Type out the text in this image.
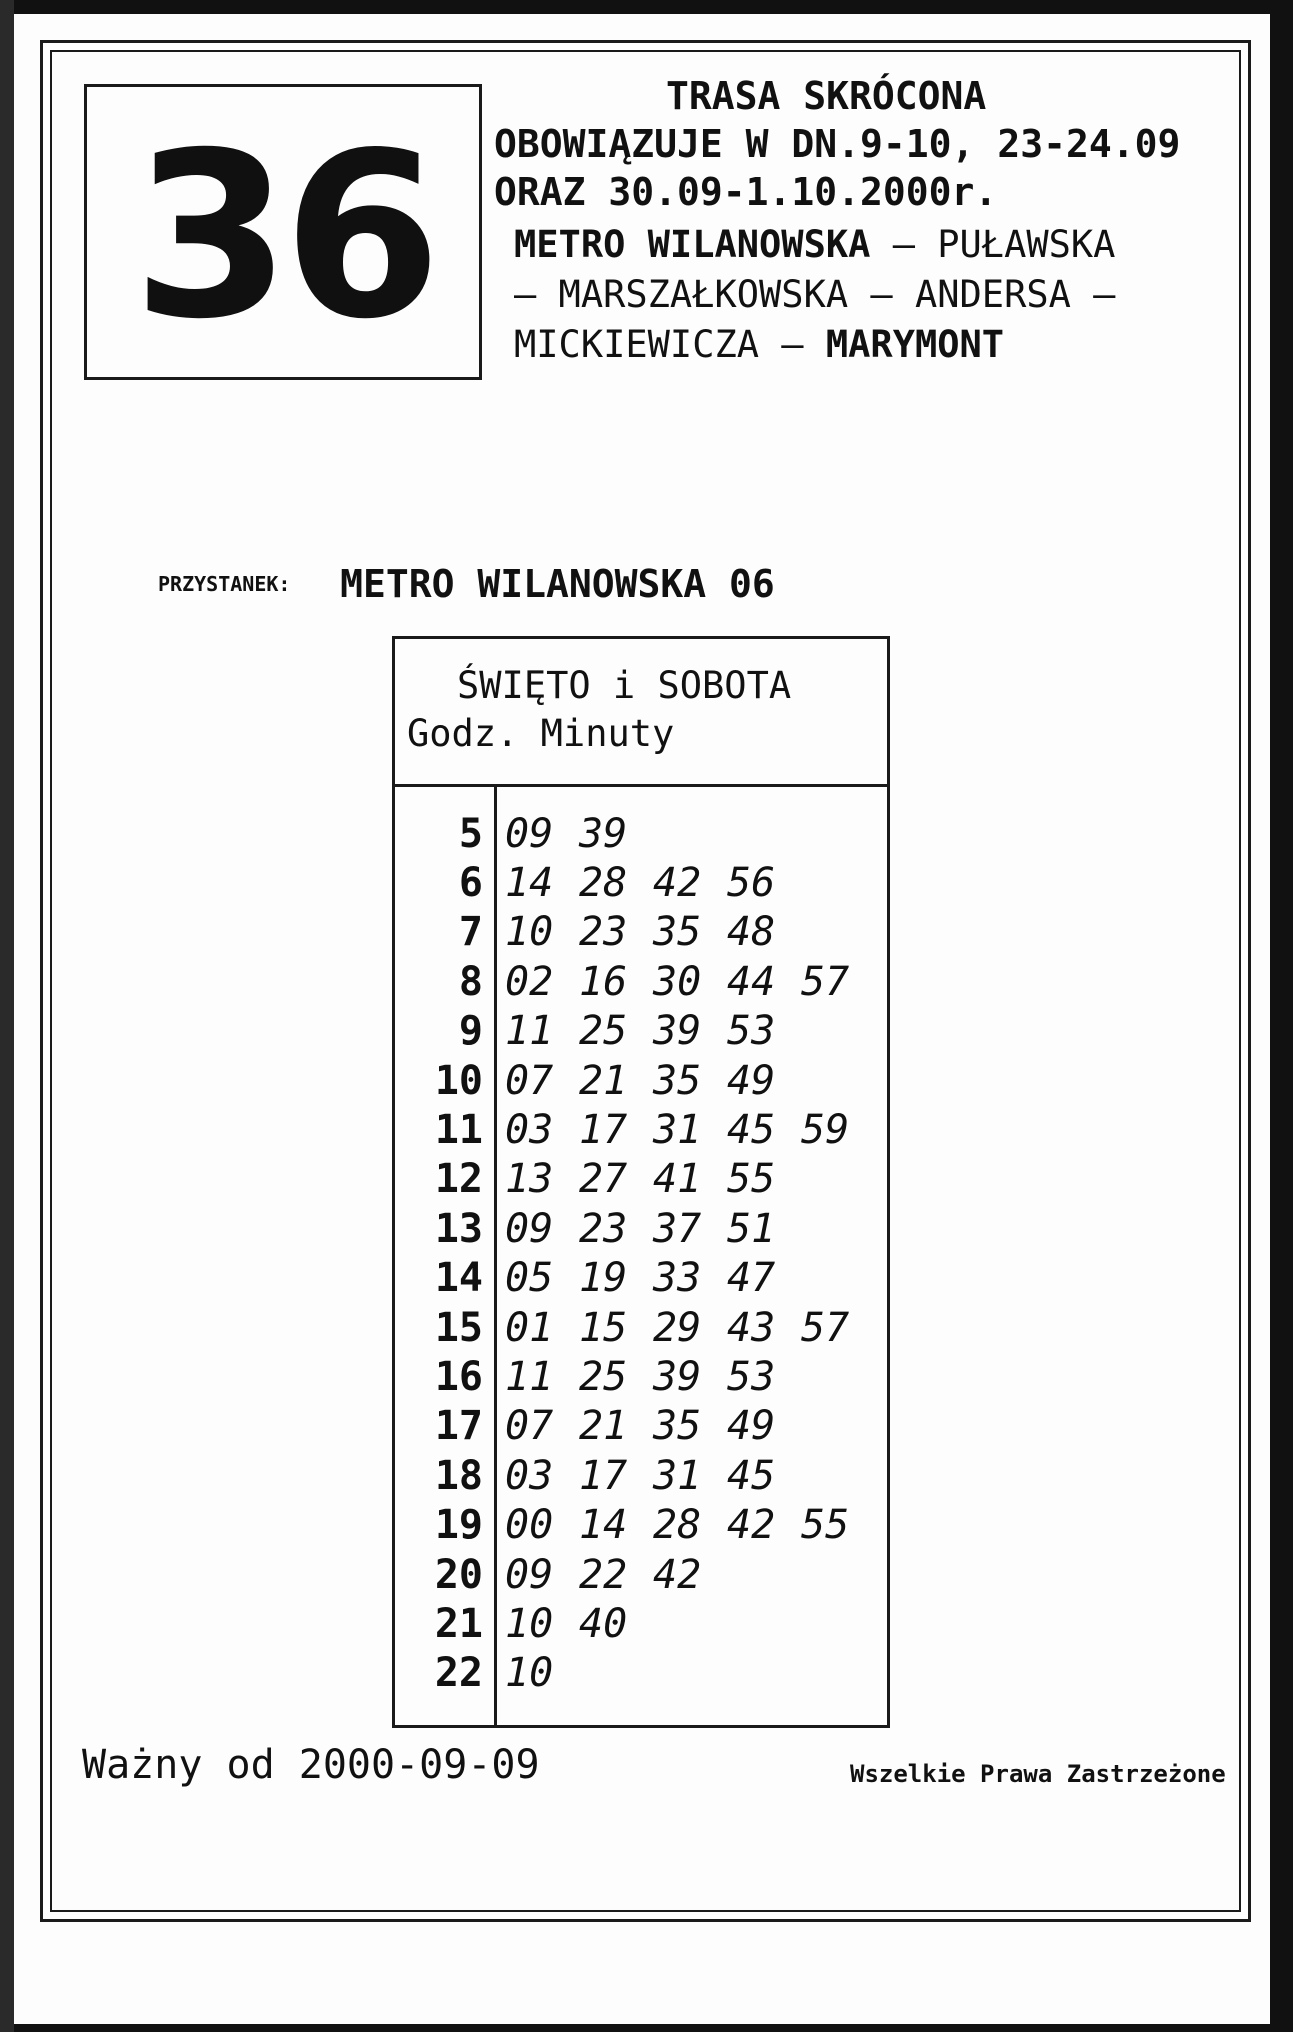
36
TRASA SKRÓCONA
OBOWIĄZUJE W DN.9-10, 23-24.09
ORAZ 30.09-1.10.2000r.
METRO WILANOWSKA – PUŁAWSKA
– MARSZAŁKOWSKA – ANDERSA –
MICKIEWICZA – MARYMONT
PRZYSTANEK: METRO WILANOWSKA 06
ŚWIĘTO i SOBOTA
Godz. Minuty
5 09 39
6 14 28 42 56
7 10 23 35 48
8 02 16 30 44 57
9 11 25 39 53
10 07 21 35 49
11 03 17 31 45 59
12 13 27 41 55
13 09 23 37 51
14 05 19 33 47
15 01 15 29 43 57
16 11 25 39 53
17 07 21 35 49
18 03 17 31 45
19 00 14 28 42 55
20 09 22 42
21 10 40
22 10
Ważny od 2000-09-09	Wszelkie Prawa Zastrzeżone
